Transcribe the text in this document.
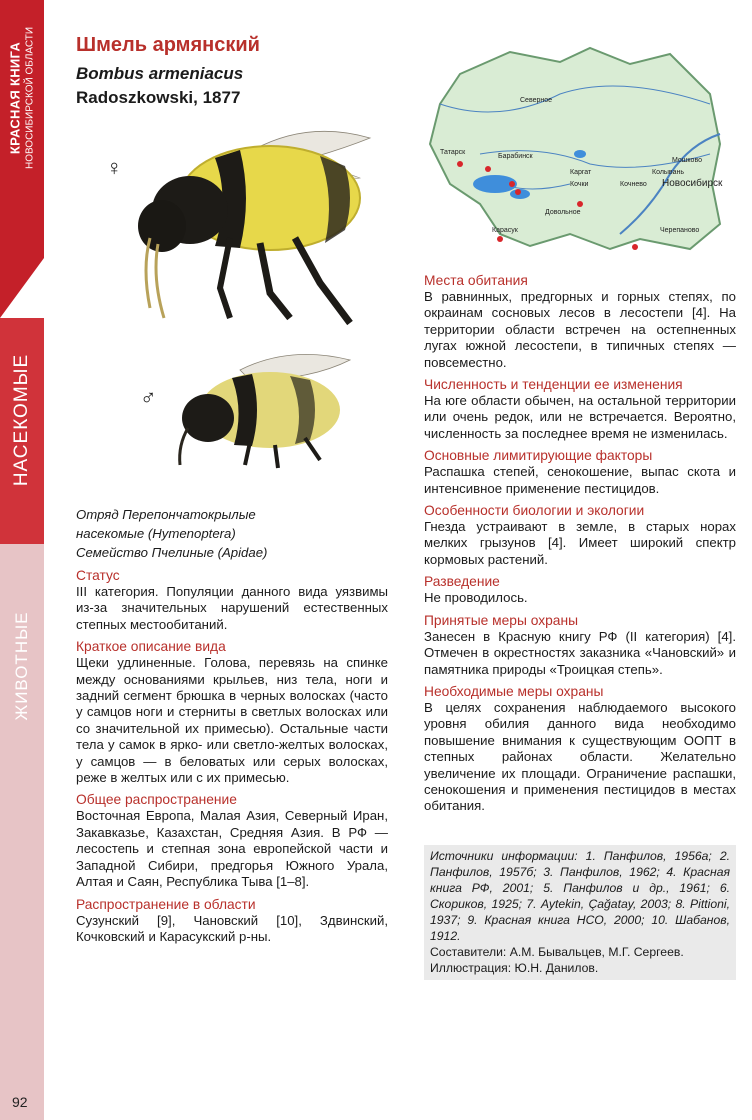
КРАСНАЯ КНИГА НОВОСИБИРСКОЙ ОБЛАСТИ
НАСЕКОМЫЕ
ЖИВОТНЫЕ
92
Шмель армянский
Bombus armeniacus
Radoszkowski, 1877
♀
♂
Северное
Татарск
Барабинск
Каргат
Кочки
Мошково
Колывань
Кочнево Новосибирск
Довольное
Карасук	Черепаново
Отряд Перепончатокрылые
насекомые (Hymenoptera)
Семейство Пчелиные (Apidae)
Статус
III категория. Популяции данного вида уязвимы из-за значительных нарушений естественных степных местообитаний.
Краткое описание вида
Щеки удлиненные. Голова, перевязь на спинке между основаниями крыльев, низ тела, ноги и задний сегмент брюшка в черных волосках (часто у самцов ноги и стерниты в светлых волосках или со значительной их примесью). Остальные части тела у самок в ярко- или светло-желтых волосках, у самцов — в беловатых или серых волосках, реже в желтых или с их примесью.
Общее распространение
Восточная Европа, Малая Азия, Северный Иран, Закавказье, Казахстан, Средняя Азия. В РФ — лесостепь и степная зона европейской части и Западной Сибири, предгорья Южного Урала, Алтая и Саян, Республика Тыва [1–8].
Распространение в области
Сузунский [9], Чановский [10], Здвинский, Кочковский и Карасукский р-ны.
Места обитания
В равнинных, предгорных и горных степях, по окраинам сосновых лесов в лесостепи [4]. На территории области встречен на остепненных лугах южной лесостепи, в типичных степях — повсеместно.
Численность и тенденции ее изменения
На юге области обычен, на остальной территории или очень редок, или не встречается. Вероятно, численность за последнее время не изменилась.
Основные лимитирующие факторы
Распашка степей, сенокошение, выпас скота и интенсивное применение пестицидов.
Особенности биологии и экологии
Гнезда устраивают в земле, в старых норах мелких грызунов [4]. Имеет широкий спектр кормовых растений.
Разведение
Не проводилось.
Принятые меры охраны
Занесен в Красную книгу РФ (II категория) [4]. Отмечен в окрестностях заказника «Чановский» и памятника природы «Троицкая степь».
Необходимые меры охраны
В целях сохранения наблюдаемого высокого уровня обилия данного вида необходимо повышение внимания к существующим ООПТ в степных районах области. Желательно увеличение их площади. Ограничение распашки, сенокошения и применения пестицидов в местах обитания.
Источники информации: 1. Панфилов, 1956а; 2. Панфилов, 1957б; 3. Панфилов, 1962; 4. Красная книга РФ, 2001; 5. Панфилов и др., 1961; 6. Скориков, 1925; 7. Aytekin, Çağatay, 2003; 8. Pittioni, 1937; 9. Красная книга НСО, 2000; 10. Шабанов, 1912.
Составители: А.М. Бывальцев, М.Г. Сергеев.
Иллюстрация: Ю.Н. Данилов.
